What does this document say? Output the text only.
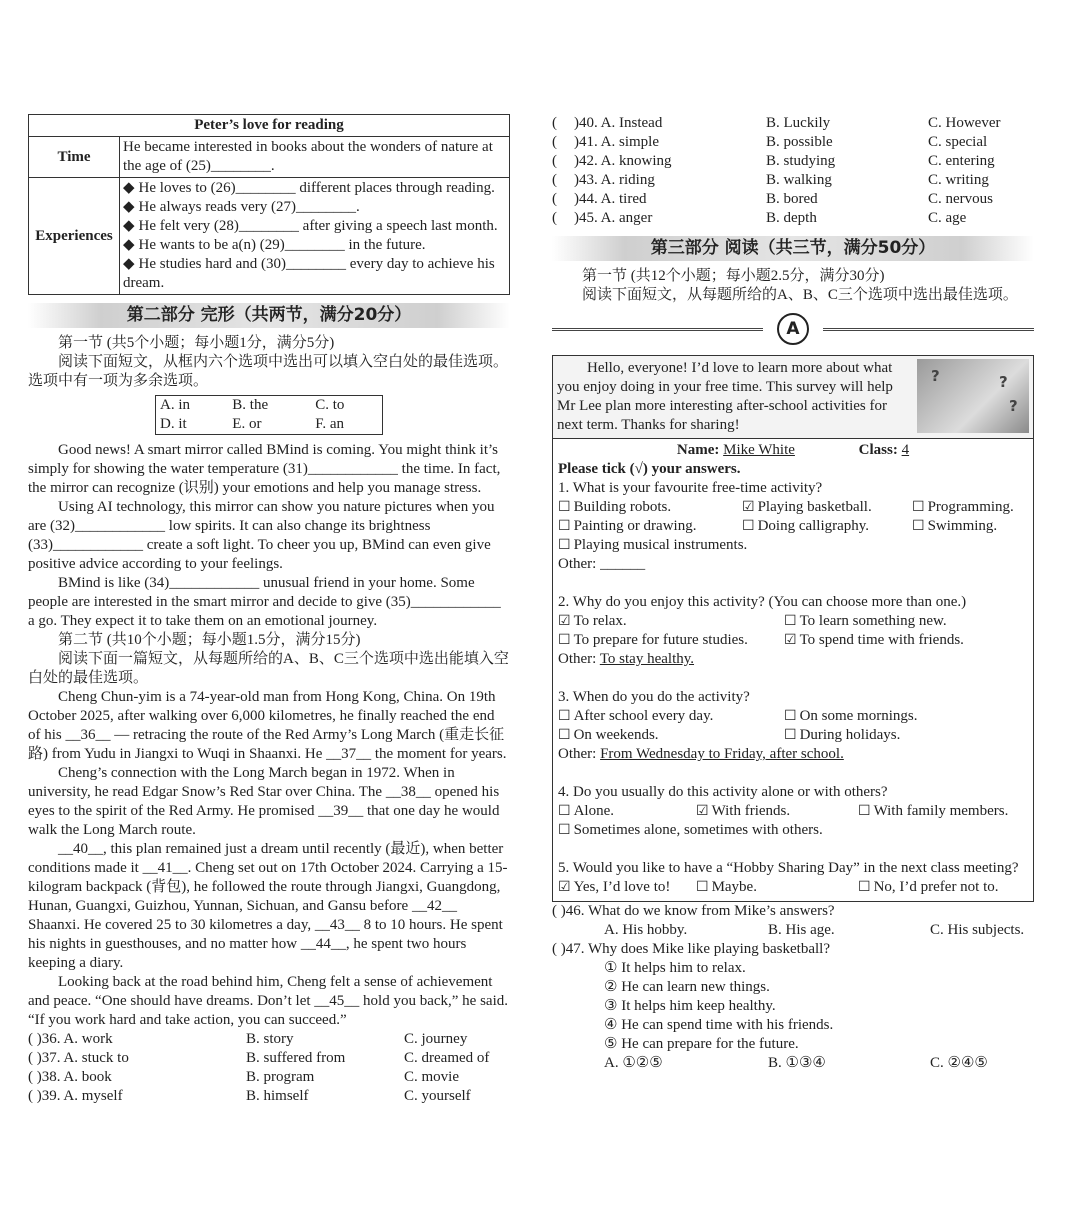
Peter’s love for reading	
Time	He became interested in books about the wonders of nature at the age of (25)________.
Experiences	◆ He loves to (26)________ different places through reading.
◆ He always reads very (27)________.
◆ He felt very (28)________ after giving a speech last month.
◆ He wants to be a(n) (29)________ in the future.
◆ He studies hard and (30)________ every day to achieve his dream.
第二部分 完形（共两节，满分20分）

第一节 (共5个小题；每小题1分，满分5分)

阅读下面短文，从框内六个选项中选出可以填入空白处的最佳选项。选项中有一项为多余选项。

A. in	B. the	C. to
D. it	E. or	F. an

Good news! A smart mirror called BMind is coming. You might think it’s simply for showing the water temperature (31)____________ the time. In fact, the mirror can recognize (识别) your emotions and help you manage stress.

Using AI technology, this mirror can show you nature pictures when you are (32)____________ low spirits. It can also change its brightness (33)____________ create a soft light. To cheer you up, BMind can even give positive advice according to your feelings.

BMind is like (34)____________ unusual friend in your home. Some people are interested in the smart mirror and decide to give (35)____________ a go. They expect it to take them on an emotional journey.

第二节 (共10个小题；每小题1.5分，满分15分)

阅读下面一篇短文，从每题所给的A、B、C三个选项中选出能填入空白处的最佳选项。

Cheng Chun-yim is a 74-year-old man from Hong Kong, China. On 19th October 2025, after walking over 6,000 kilometres, he finally reached the end of his __36__ — retracing the route of the Red Army’s Long March (重走长征路) from Yudu in Jiangxi to Wuqi in Shaanxi. He __37__ the moment for years.

Cheng’s connection with the Long March began in 1972. When in university, he read Edgar Snow’s Red Star over China. The __38__ opened his eyes to the spirit of the Red Army. He promised __39__ that one day he would walk the Long March route.

__40__, this plan remained just a dream until recently (最近), when better conditions made it __41__. Cheng set out on 17th October 2024. Carrying a 15-kilogram backpack (背包), he followed the route through Jiangxi, Guangdong, Hunan, Guangxi, Guizhou, Yunnan, Sichuan, and Gansu before __42__ Shaanxi. He covered 25 to 30 kilometres a day, __43__ 8 to 10 hours. He spent his nights in guesthouses, and no matter how __44__, he spent two hours keeping a diary.

Looking back at the road behind him, Cheng felt a sense of achievement and peace. “One should have dreams. Don’t let __45__ hold you back,” he said. “If you work hard and take action, you can succeed.”

( )36. A. work	B. story	C. journey
( )37. A. stuck to	B. suffered from	C. dreamed of
( )38. A. book	B. program	C. movie
( )39. A. myself	B. himself	C. yourself
(	)40. A. Instead	B. Luckily	C. However
(	)41. A. simple	B. possible	C. special
(	)42. A. knowing	B. studying	C. entering
(	)43. A. riding	B. walking	C. writing
(	)44. A. tired	B. bored	C. nervous
(	)45. A. anger	B. depth	C. age
第三部分 阅读（共三节，满分50分）

第一节 (共12个小题；每小题2.5分，满分30分)

阅读下面短文，从每题所给的A、B、C三个选项中选出最佳选项。

A

Hello, everyone! I’d love to learn more about what you enjoy doing in your free time. This survey will help Mr Lee plan more interesting after-school activities for next term. Thanks for sharing!

?	?
?
Name: Mike White	Class: 4
Please tick (√) your answers.
1. What is your favourite free-time activity?
☐ Building robots.	☑ Playing basketball.	☐ Programming.
☐ Painting or drawing.	☐ Doing calligraphy.	☐ Swimming.
☐ Playing musical instruments.
Other: ______
2. Why do you enjoy this activity? (You can choose more than one.)
☑ To relax.	☐ To learn something new.
☐ To prepare for future studies.	☑ To spend time with friends.
Other: To stay healthy.
3. When do you do the activity?
☐ After school every day.	☐ On some mornings.
☐ On weekends.	☐ During holidays.
Other: From Wednesday to Friday, after school.
4. Do you usually do this activity alone or with others?
☐ Alone.	☑ With friends.	☐ With family members.
☐ Sometimes alone, sometimes with others.
5. Would you like to have a “Hobby Sharing Day” in the next class meeting?
☑ Yes, I’d love to!	☐ Maybe.	☐ No, I’d prefer not to.
( )46. What do we know from Mike’s answers?
A. His hobby.	B. His age.	C. His subjects.
( )47. Why does Mike like playing basketball?
① It helps him to relax.
② He can learn new things.
③ It helps him keep healthy.
④ He can spend time with his friends.
⑤ He can prepare for the future.
A. ①②⑤	B. ①③④	C. ②④⑤
